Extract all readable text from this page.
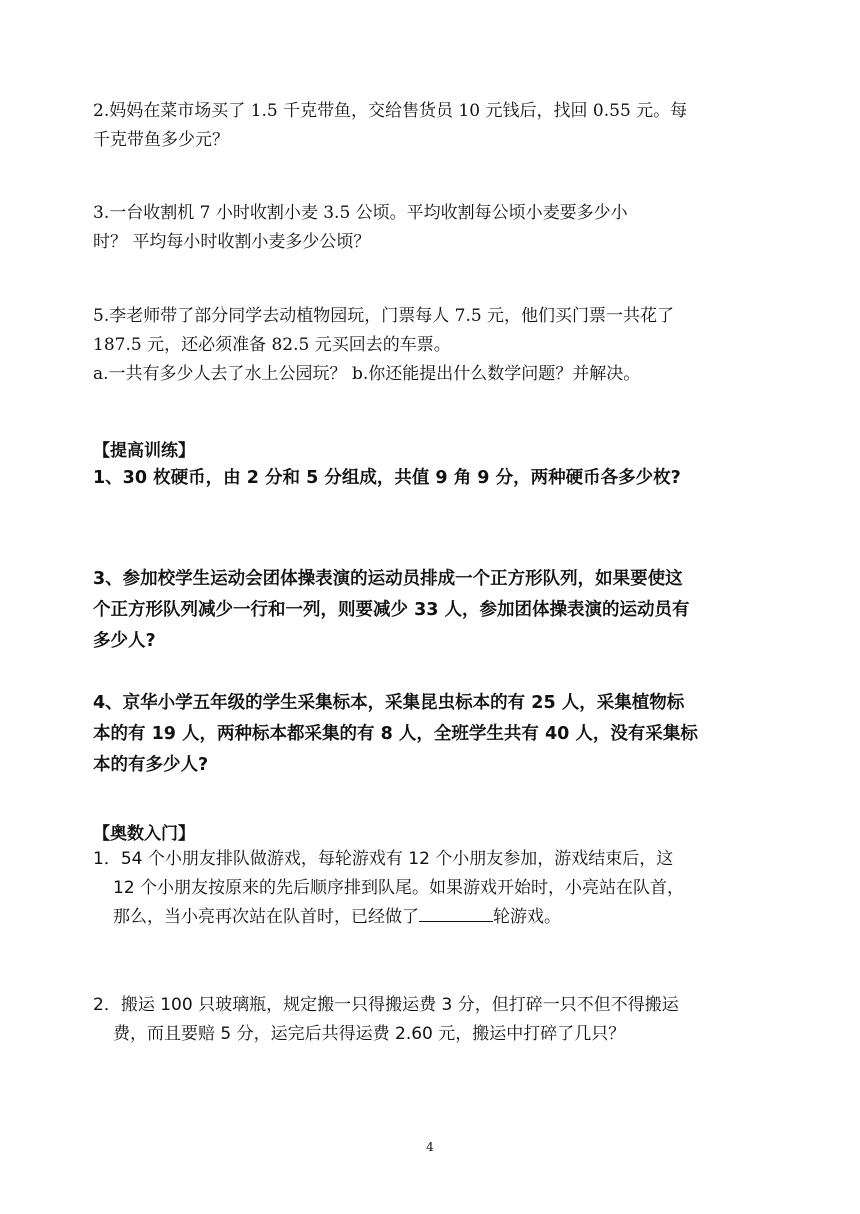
2.妈妈在菜市场买了 1.5 千克带鱼，交给售货员 10 元钱后，找回 0.55 元。每
千克带鱼多少元？
3.一台收割机 7 小时收割小麦 3.5 公顷。平均收割每公顷小麦要多少小
时？ 平均每小时收割小麦多少公顷？
5.李老师带了部分同学去动植物园玩，门票每人 7.5 元，他们买门票一共花了
187.5 元，还必须准备 82.5 元买回去的车票。
a.一共有多少人去了水上公园玩？ b.你还能提出什么数学问题？并解决。
【提高训练】
1、30 枚硬币，由 2 分和 5 分组成，共值 9 角 9 分，两种硬币各多少枚?
3、参加校学生运动会团体操表演的运动员排成一个正方形队列，如果要使这
个正方形队列减少一行和一列，则要减少 33 人，参加团体操表演的运动员有
多少人?
4、京华小学五年级的学生采集标本，采集昆虫标本的有 25 人，采集植物标
本的有 19 人，两种标本都采集的有 8 人，全班学生共有 40 人，没有采集标
本的有多少人?
【奥数入门】
1．54 个小朋友排队做游戏，每轮游戏有 12 个小朋友参加，游戏结束后，这
12 个小朋友按原来的先后顺序排到队尾。如果游戏开始时，小亮站在队首，
那么，当小亮再次站在队首时，已经做了	轮游戏。
2．搬运 100 只玻璃瓶，规定搬一只得搬运费 3 分，但打碎一只不但不得搬运
费，而且要赔 5 分，运完后共得运费 2.60 元，搬运中打碎了几只？
4
